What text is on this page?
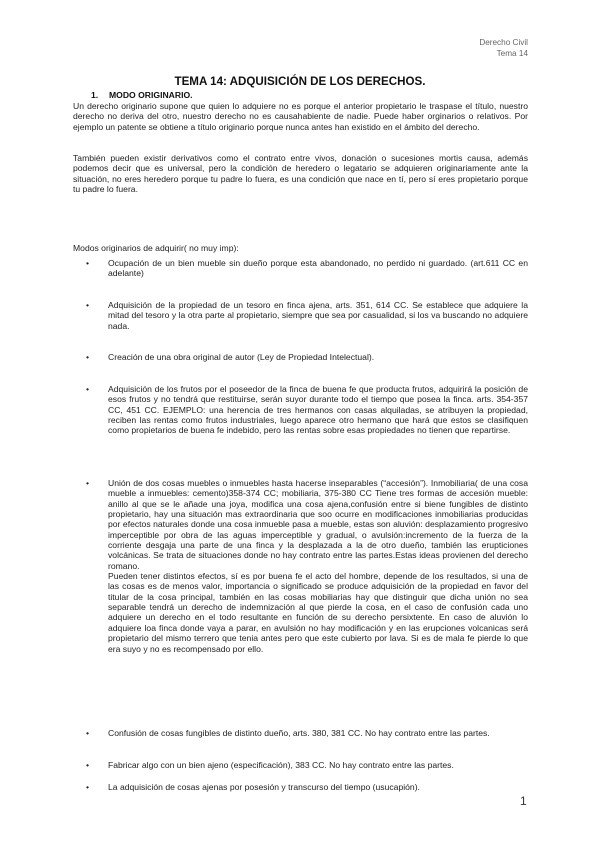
Derecho Civil
Tema 14
TEMA 14: ADQUISICIÓN DE LOS DERECHOS.
1. MODO ORIGINARIO.

Un derecho originario supone que quien lo adquiere no es porque el anterior propietario le traspase el título, nuestro derecho no deriva del otro, nuestro derecho no es causahabiente de nadie. Puede haber orginarios o relativos. Por ejemplo un patente se obtiene a título originario porque nunca antes han existido en el ámbito del derecho.

También pueden existir derivativos como el contrato entre vivos, donación o sucesiones mortis causa, además podemos decir que es universal, pero la condición de heredero o legatario se adquieren originariamente ante la situación, no eres heredero porque tu padre lo fuera, es una condición que nace en tí, pero sí eres propietario porque tu padre lo fuera.

Modos originarios de adquirir( no muy imp):

• Ocupación de un bien mueble sin dueño porque esta abandonado, no perdido ni guardado. (art.611 CC en adelante)

• Adquisición de la propiedad de un tesoro en finca ajena, arts. 351, 614 CC. Se establece que adquiere la mitad del tesoro y la otra parte al propietario, siempre que sea por casualidad, si los va buscando no adquiere nada.

• Creación de una obra original de autor (Ley de Propiedad Intelectual).

• Adquisición de los frutos por el poseedor de la finca de buena fe que producta frutos, adquirirá la posición de esos frutos y no tendrá que restituirse, serán suyor durante todo el tiempo que posea la finca. arts. 354-357 CC, 451 CC. EJEMPLO: una herencia de tres hermanos con casas alquiladas, se atribuyen la propiedad, reciben las rentas como frutos industriales, luego aparece otro hermano que hará que estos se clasifiquen como propietarios de buena fe indebido, pero las rentas sobre esas propiedades no tienen que repartirse.

• Unión de dos cosas muebles o inmuebles hasta hacerse inseparables (“accesión”). Inmobiliaria( de una cosa mueble a inmuebles: cemento)358-374 CC; mobiliaria, 375-380 CC Tiene tres formas de accesión mueble: anillo al que se le añade una joya, modifica una cosa ajena,confusión entre si biene fungibles de distinto propietario, hay una situación mas extraordinaria que soo ocurre en modificaciones inmobiliarias producidas por efectos naturales donde una cosa inmueble pasa a mueble, estas son aluvión: desplazamiento progresivo imperceptible por obra de las aguas imperceptible y gradual, o avulsión:incremento de la fuerza de la corriente desgaja una parte de una finca y la desplazada a la de otro dueño, también las erupticiones volcánicas. Se trata de situaciones donde no hay contrato entre las partes.Estas ideas provienen del derecho romano.

Pueden tener distintos efectos, sí es por buena fe el acto del hombre, depende de los resultados, si una de las cosas es de menos valor, importancia o significado se produce adquisición de la propiedad en favor del titular de la cosa principal, también en las cosas mobiliarias hay que distinguir que dicha unión no sea separable tendrá un derecho de indemnización al que pierde la cosa, en el caso de confusión cada uno adquiere un derecho en el todo resultante en función de su derecho persixtente. En caso de aluvión lo adquiere loa finca donde vaya a parar, en avulsión no hay modificación y en las erupciones volcanicas será propietario del mismo terrero que tenia antes pero que este cubierto por lava. Si es de mala fe pierde lo que era suyo y no es recompensado por ello.

• Confusión de cosas fungibles de distinto dueño, arts. 380, 381 CC. No hay contrato entre las partes.

• Fabricar algo con un bien ajeno (especificación), 383 CC. No hay contrato entre las partes.

• La adquisición de cosas ajenas por posesión y transcurso del tiempo (usucapión).

1
